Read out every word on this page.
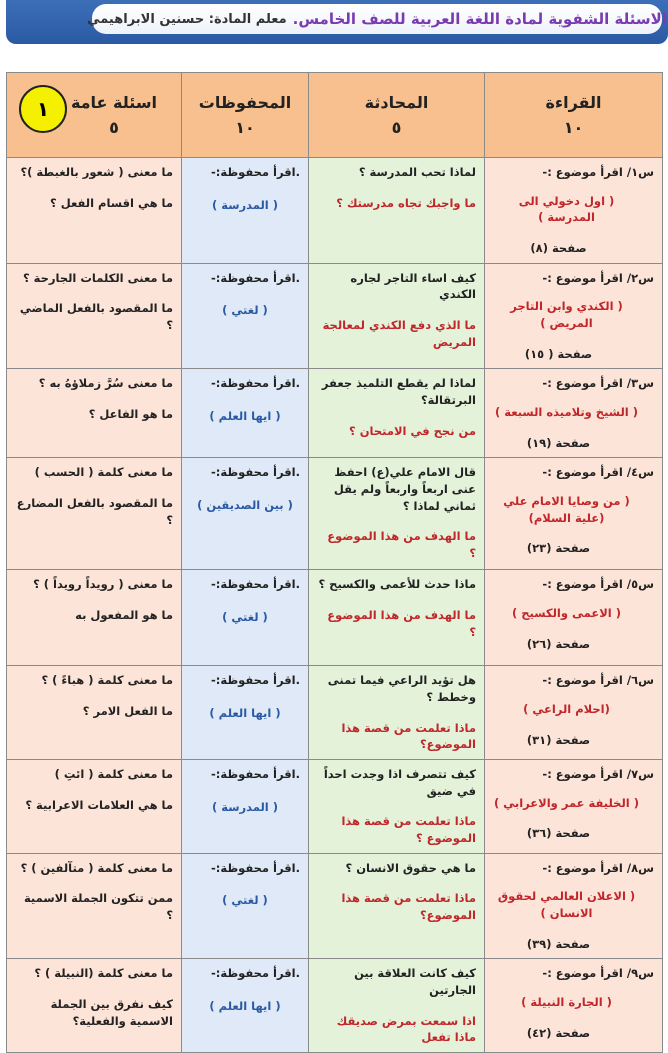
الاسئلة الشفوية لمادة اللغة العربية للصف الخامس.
معلم المادة: حسنين الابراهيمي
القراءة
١٠	المحادثة
٥	المحفوظات
١٠	اسئلة عامة
٥
١

س١/ اقرأ موضوع :-
( اول دخولي الى المدرسة )
صفحة (٨)	لماذا تحب المدرسة ؟
ما واجبك تجاه مدرستك ؟	.اقرأ محفوظة:-
( المدرسة )	ما معنى ( شعور بالغبطة )؟
ما هي اقسام الفعل ؟

س٢/ اقرأ موضوع :-
( الكندي وابن التاجر المريض )
صفحة ( ١٥)	كيف اساء التاجر لجاره الكندي
ما الذي دفع الكندي لمعالجة المريض	.اقرأ محفوظة:-
( لغتي )	ما معنى الكلمات الجارحة ؟
ما المقصود بالفعل الماضي ؟

س٣/ اقرأ موضوع :-
( الشيخ وتلاميذه السبعة )
صفحة (١٩)	لماذا لم يقطع التلميذ جعفر البرتقالة؟
من نجح في الامتحان ؟	.اقرأ محفوظة:-
( ايها العلم )	ما معنى سُرَّ زملاؤهُ به ؟
ما هو الفاعل ؟

س٤/ اقرأ موضوع :-
( من وصايا الامام علي (علية السلام)
صفحة (٢٣)	قال الامام علي(ع) احفظ عنى اربعاً واربعاً ولم يقل ثماني لماذا ؟
ما الهدف من هذا الموضوع ؟	.اقرأ محفوظة:-
( بين الصديقين )	ما معنى كلمة ( الحسب )
ما المقصود بالفعل المضارع ؟

س٥/ اقرأ موضوع :-
( الاعمى والكسيح )
صفحة (٢٦)	ماذا حدث للأعمى والكسيح ؟
ما الهدف من هذا الموضوع ؟	.اقرأ محفوظة:-
( لغتي )	ما معنى ( رويداً رويداً ) ؟
ما هو المفعول به

س٦/ اقرأ موضوع :-
(احلام الراعي )
صفحة (٣١)	هل تؤيد الراعي فيما تمنى وخطط ؟
ماذا تعلمت من قصة هذا الموضوع؟	.اقرأ محفوظة:-
( ايها العلم )	ما معنى كلمة ( هباءً ) ؟
ما الفعل الامر ؟

س٧/ اقرأ موضوع :-
( الخليفة عمر والاعرابي )
صفحة (٣٦)	كيف تتصرف اذا وجدت احداً في ضيق
ماذا تعلمت من قصة هذا الموضوع ؟	.اقرأ محفوظة:-
( المدرسة )	ما معنى كلمة ( ائتِ )
ما هي العلامات الاعرابية ؟

س٨/ اقرأ موضوع :-
( الاعلان العالمي لحقوق الانسان )
صفحة (٣٩)	ما هي حقوق الانسان ؟
ماذا تعلمت من قصة هذا الموضوع؟	.اقرأ محفوظة:-
( لغتي )	ما معنى كلمة ( متآلفين ) ؟
ممن تتكون الجملة الاسمية ؟

س٩/ اقرأ موضوع :-
( الجارة النبيلة )
صفحة (٤٢)	كيف كانت العلاقة بين الجارتين
اذا سمعت بمرض صديقك ماذا تفعل	.اقرأ محفوظة:-
( ايها العلم )	ما معنى كلمة (النبيلة ) ؟
كيف نفرق بين الجملة الاسمية والفعلية؟
